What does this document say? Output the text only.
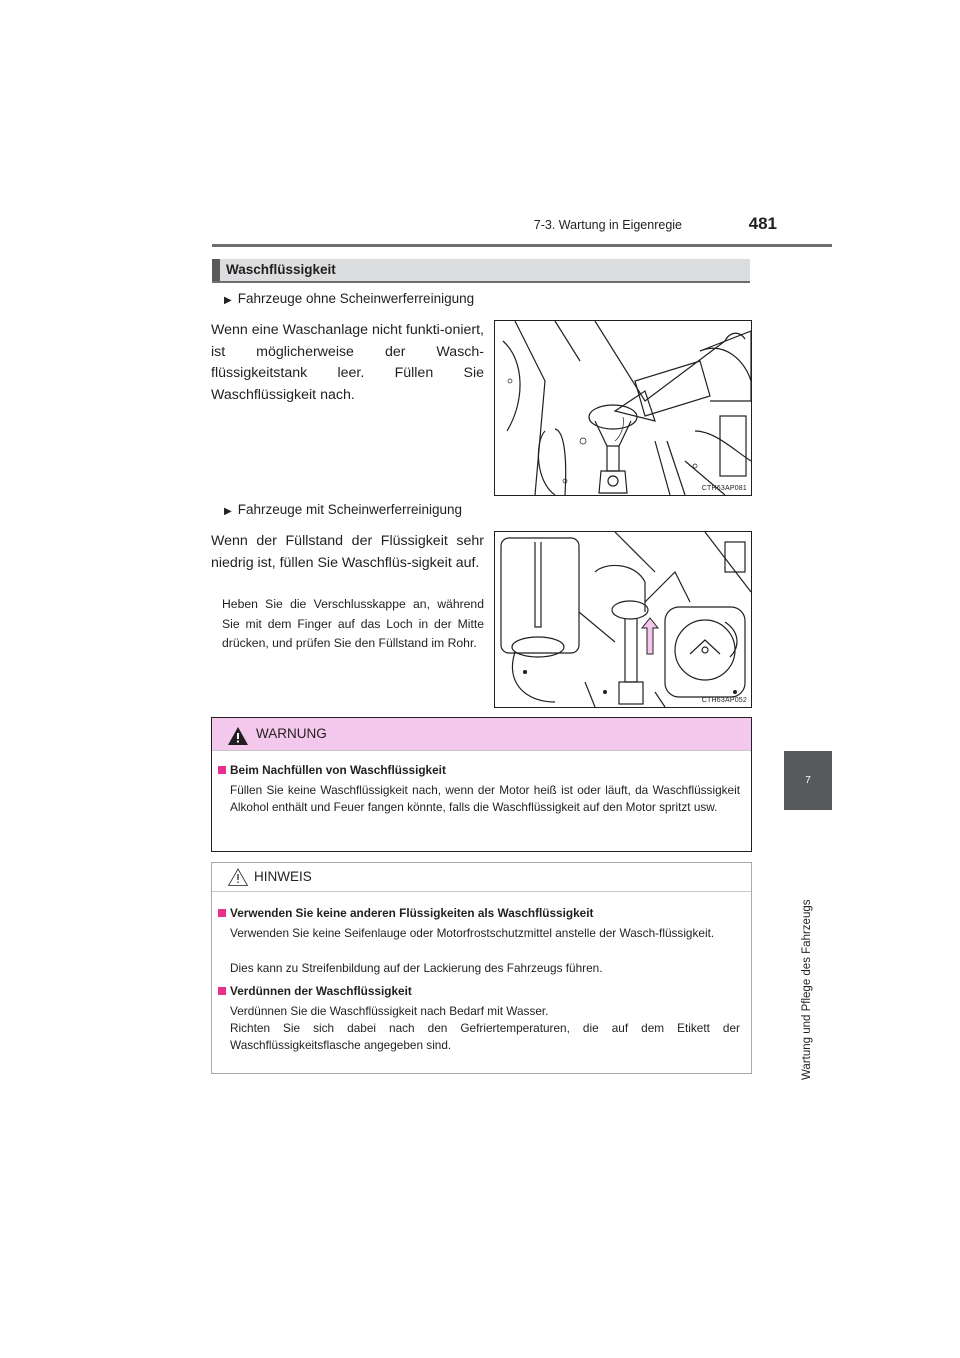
7-3. Wartung in Eigenregie	481
7
Wartung und Pflege des Fahrzeugs
Waschflüssigkeit
▶ Fahrzeuge ohne Scheinwerferreinigung
Wenn eine Waschanlage nicht funkti-oniert, ist möglicherweise der Wasch-flüssigkeitstank leer. Füllen Sie Waschflüssigkeit nach.
CTH63AP081
▶ Fahrzeuge mit Scheinwerferreinigung
Wenn der Füllstand der Flüssigkeit sehr niedrig ist, füllen Sie Waschflüs-sigkeit auf.
Heben Sie die Verschlusskappe an, während Sie mit dem Finger auf das Loch in der Mitte drücken, und prüfen Sie den Füllstand im Rohr.
CTH63AP052
WARNUNG
Beim Nachfüllen von Waschflüssigkeit
Füllen Sie keine Waschflüssigkeit nach, wenn der Motor heiß ist oder läuft, da Waschflüssigkeit Alkohol enthält und Feuer fangen könnte, falls die Waschflüssigkeit auf den Motor spritzt usw.
HINWEIS
Verwenden Sie keine anderen Flüssigkeiten als Waschflüssigkeit
Verwenden Sie keine Seifenlauge oder Motorfrostschutzmittel anstelle der Wasch-flüssigkeit.
Dies kann zu Streifenbildung auf der Lackierung des Fahrzeugs führen.
Verdünnen der Waschflüssigkeit
Verdünnen Sie die Waschflüssigkeit nach Bedarf mit Wasser.
Richten Sie sich dabei nach den Gefriertemperaturen, die auf dem Etikett der Waschflüssigkeitsflasche angegeben sind.
